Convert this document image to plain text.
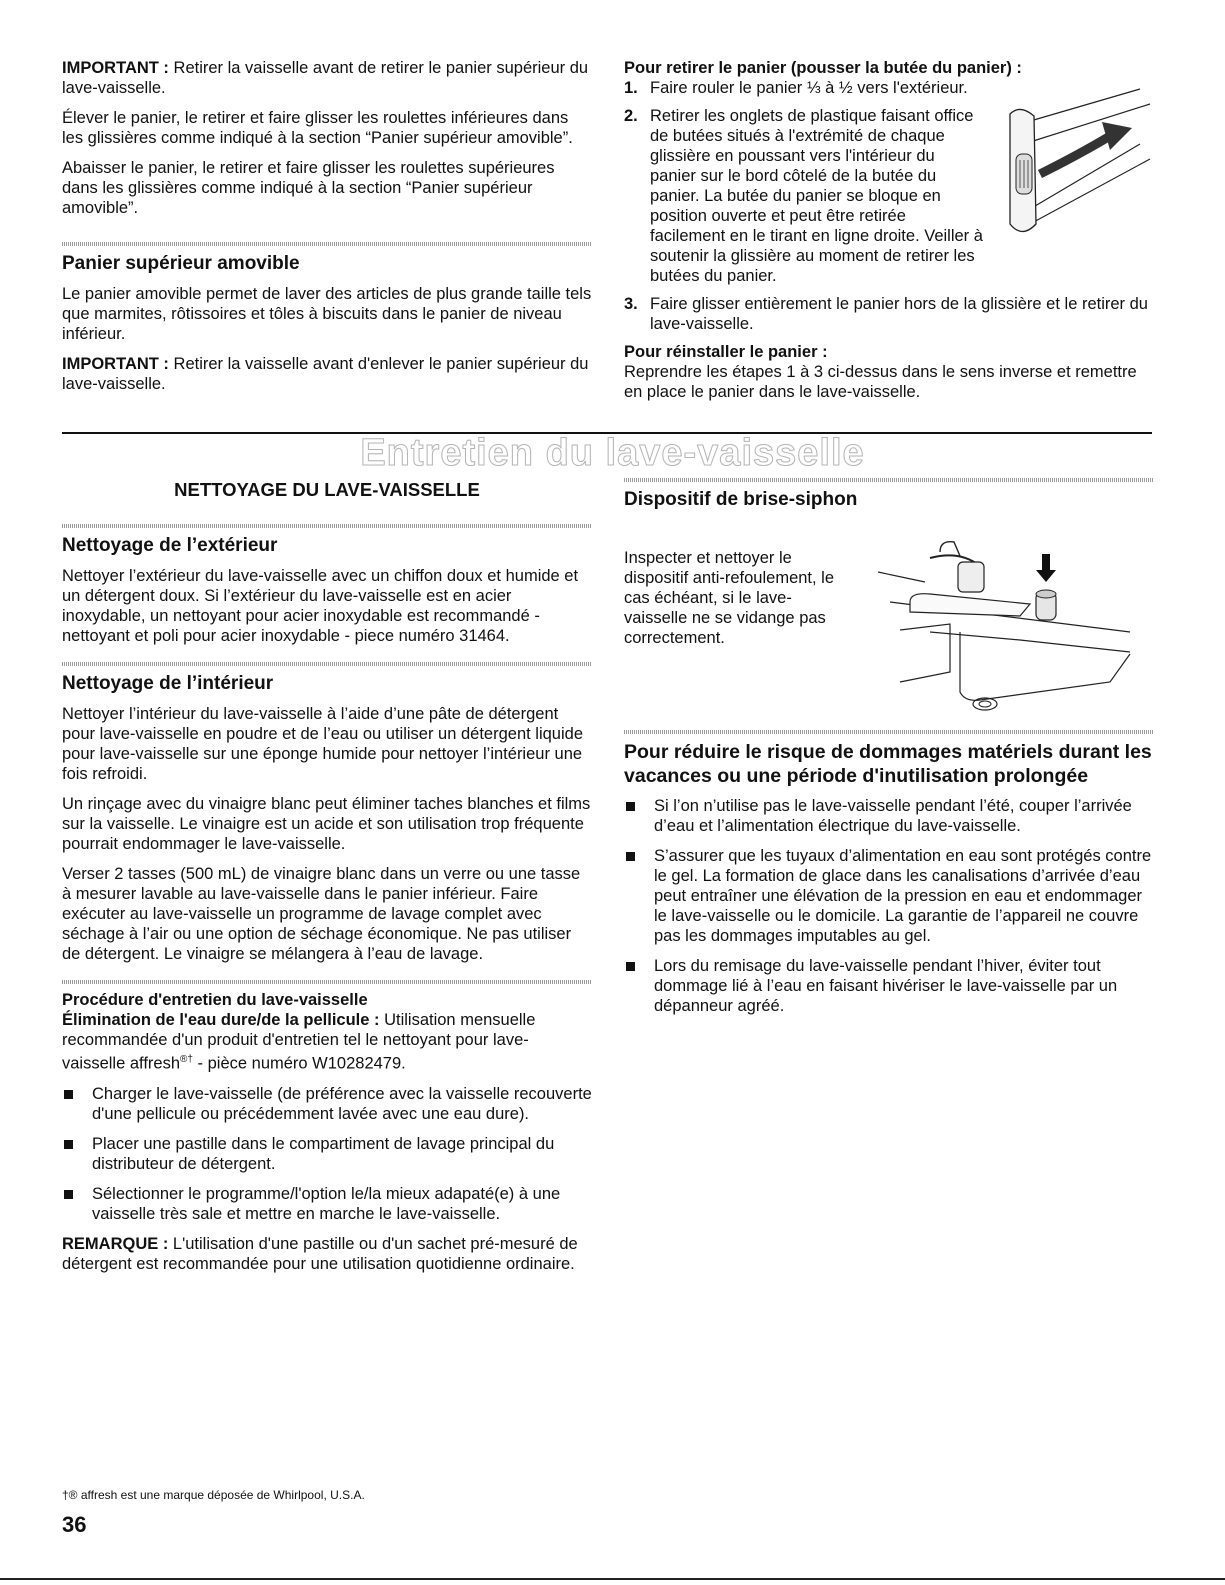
IMPORTANT : Retirer la vaisselle avant de retirer le panier supérieur du lave-vaisselle.

Élever le panier, le retirer et faire glisser les roulettes inférieures dans les glissières comme indiqué à la section “Panier supérieur amovible”.

Abaisser le panier, le retirer et faire glisser les roulettes supérieures dans les glissières comme indiqué à la section “Panier supérieur amovible”.

Panier supérieur amovible

Le panier amovible permet de laver des articles de plus grande taille tels que marmites, rôtissoires et tôles à biscuits dans le panier de niveau inférieur.

IMPORTANT : Retirer la vaisselle avant d'enlever le panier supérieur du lave-vaisselle.

Pour retirer le panier (pousser la butée du panier) :
1. Faire rouler le panier ⅓ à ½ vers l'extérieur.
2. Retirer les onglets de plastique faisant office de butées situés à l'extrémité de chaque glissière en poussant vers l'intérieur du panier sur le bord côtelé de la butée du panier. La butée du panier se bloque en position ouverte et peut être retirée facilement en le tirant en ligne droite. Veiller à soutenir la glissière au moment de retirer les butées du panier.
3. Faire glisser entièrement le panier hors de la glissière et le retirer du lave-vaisselle.
Pour réinstaller le panier :

Reprendre les étapes 1 à 3 ci-dessus dans le sens inverse et remettre en place le panier dans le lave-vaisselle.

Entretien du lave-vaisselle
NETTOYAGE DU LAVE-VAISSELLE
Nettoyage de l’extérieur

Nettoyer l’extérieur du lave-vaisselle avec un chiffon doux et humide et un détergent doux. Si l’extérieur du lave-vaisselle est en acier inoxydable, un nettoyant pour acier inoxydable est recommandé - nettoyant et poli pour acier inoxydable - piece numéro 31464.

Nettoyage de l’intérieur

Nettoyer l’intérieur du lave-vaisselle à l’aide d’une pâte de détergent pour lave-vaisselle en poudre et de l’eau ou utiliser un détergent liquide pour lave-vaisselle sur une éponge humide pour nettoyer l’intérieur une fois refroidi.

Un rinçage avec du vinaigre blanc peut éliminer taches blanches et films sur la vaisselle. Le vinaigre est un acide et son utilisation trop fréquente pourrait endommager le lave-vaisselle.

Verser 2 tasses (500 mL) de vinaigre blanc dans un verre ou une tasse à mesurer lavable au lave-vaisselle dans le panier inférieur. Faire exécuter au lave-vaisselle un programme de lavage complet avec séchage à l’air ou une option de séchage économique. Ne pas utiliser de détergent. Le vinaigre se mélangera à l’eau de lavage.

Procédure d'entretien du lave-vaisselle

Élimination de l'eau dure/de la pellicule : Utilisation mensuelle recommandée d'un produit d'entretien tel le nettoyant pour lave-vaisselle affresh®† - pièce numéro W10282479.

Charger le lave-vaisselle (de préférence avec la vaisselle recouverte d'une pellicule ou précédemment lavée avec une eau dure).
Placer une pastille dans le compartiment de lavage principal du distributeur de détergent.
Sélectionner le programme/l'option le/la mieux adapaté(e) à une vaisselle très sale et mettre en marche le lave-vaisselle.

REMARQUE : L'utilisation d'une pastille ou d'un sachet pré-mesuré de détergent est recommandée pour une utilisation quotidienne ordinaire.

Dispositif de brise-siphon

Inspecter et nettoyer le dispositif anti-refoulement, le cas échéant, si le lave-vaisselle ne se vidange pas correctement.

Pour réduire le risque de dommages matériels durant les vacances ou une période d'inutilisation prolongée
Si l’on n’utilise pas le lave-vaisselle pendant l’été, couper l’arrivée d’eau et l’alimentation électrique du lave-vaisselle.
S’assurer que les tuyaux d’alimentation en eau sont protégés contre le gel. La formation de glace dans les canalisations d’arrivée d’eau peut entraîner une élévation de la pression en eau et endommager le lave-vaisselle ou le domicile. La garantie de l’appareil ne couvre pas les dommages imputables au gel.
Lors du remisage du lave-vaisselle pendant l’hiver, éviter tout dommage lié à l’eau en faisant hivériser le lave-vaisselle par un dépanneur agréé.
†® affresh est une marque déposée de Whirlpool, U.S.A.
36
